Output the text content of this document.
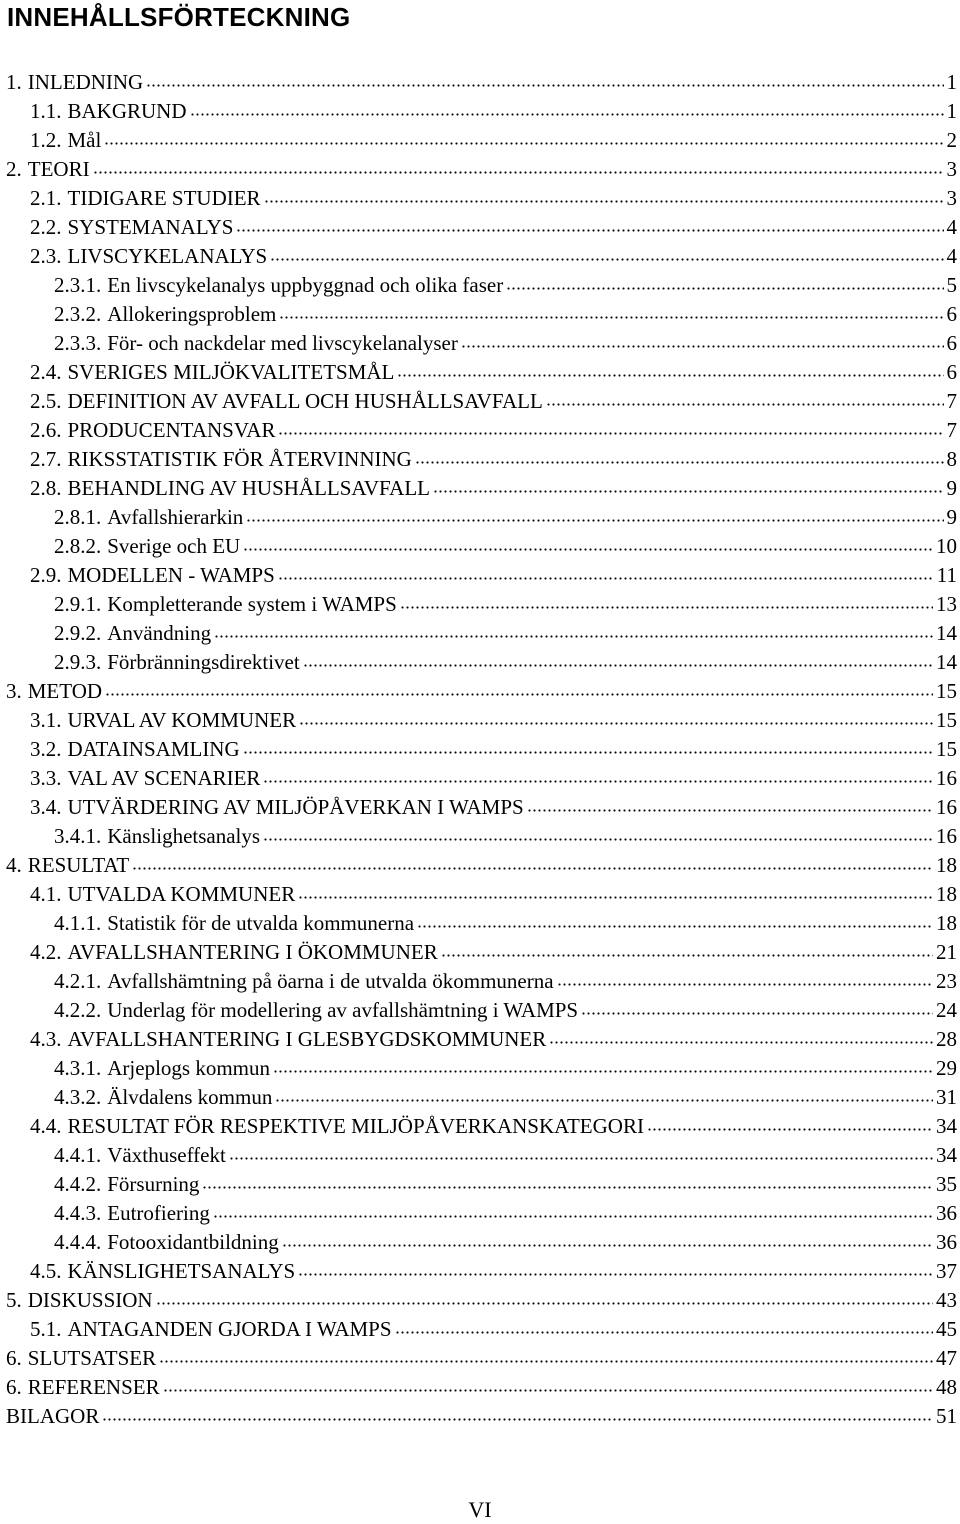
INNEHÅLLSFÖRTECKNING
1. INLEDNING	1
1.1. BAKGRUND	1
1.2. Mål	2
2. TEORI	3
2.1. TIDIGARE STUDIER	3
2.2. SYSTEMANALYS	4
2.3. LIVSCYKELANALYS	4
2.3.1. En livscykelanalys uppbyggnad och olika faser	5
2.3.2. Allokeringsproblem	6
2.3.3. För- och nackdelar med livscykelanalyser	6
2.4. SVERIGES MILJÖKVALITETSMÅL	6
2.5. DEFINITION AV AVFALL OCH HUSHÅLLSAVFALL	7
2.6. PRODUCENTANSVAR	7
2.7. RIKSSTATISTIK FÖR ÅTERVINNING	8
2.8. BEHANDLING AV HUSHÅLLSAVFALL	9
2.8.1. Avfallshierarkin	9
2.8.2. Sverige och EU	10
2.9. MODELLEN - WAMPS	11
2.9.1. Kompletterande system i WAMPS	13
2.9.2. Användning	14
2.9.3. Förbränningsdirektivet	14
3. METOD	15
3.1. URVAL AV KOMMUNER	15
3.2. DATAINSAMLING	15
3.3. VAL AV SCENARIER	16
3.4. UTVÄRDERING AV MILJÖPÅVERKAN I WAMPS	16
3.4.1. Känslighetsanalys	16
4. RESULTAT	18
4.1. UTVALDA KOMMUNER	18
4.1.1. Statistik för de utvalda kommunerna	18
4.2. AVFALLSHANTERING I ÖKOMMUNER	21
4.2.1. Avfallshämtning på öarna i de utvalda ökommunerna	23
4.2.2. Underlag för modellering av avfallshämtning i WAMPS	24
4.3. AVFALLSHANTERING I GLESBYGDSKOMMUNER	28
4.3.1. Arjeplogs kommun	29
4.3.2. Älvdalens kommun	31
4.4. RESULTAT FÖR RESPEKTIVE MILJÖPÅVERKANSKATEGORI	34
4.4.1. Växthuseffekt	34
4.4.2. Försurning	35
4.4.3. Eutrofiering	36
4.4.4. Fotooxidantbildning	36
4.5. KÄNSLIGHETSANALYS	37
5. DISKUSSION	43
5.1. ANTAGANDEN GJORDA I WAMPS	45
6. SLUTSATSER	47
6. REFERENSER	48
BILAGOR	51
VI
